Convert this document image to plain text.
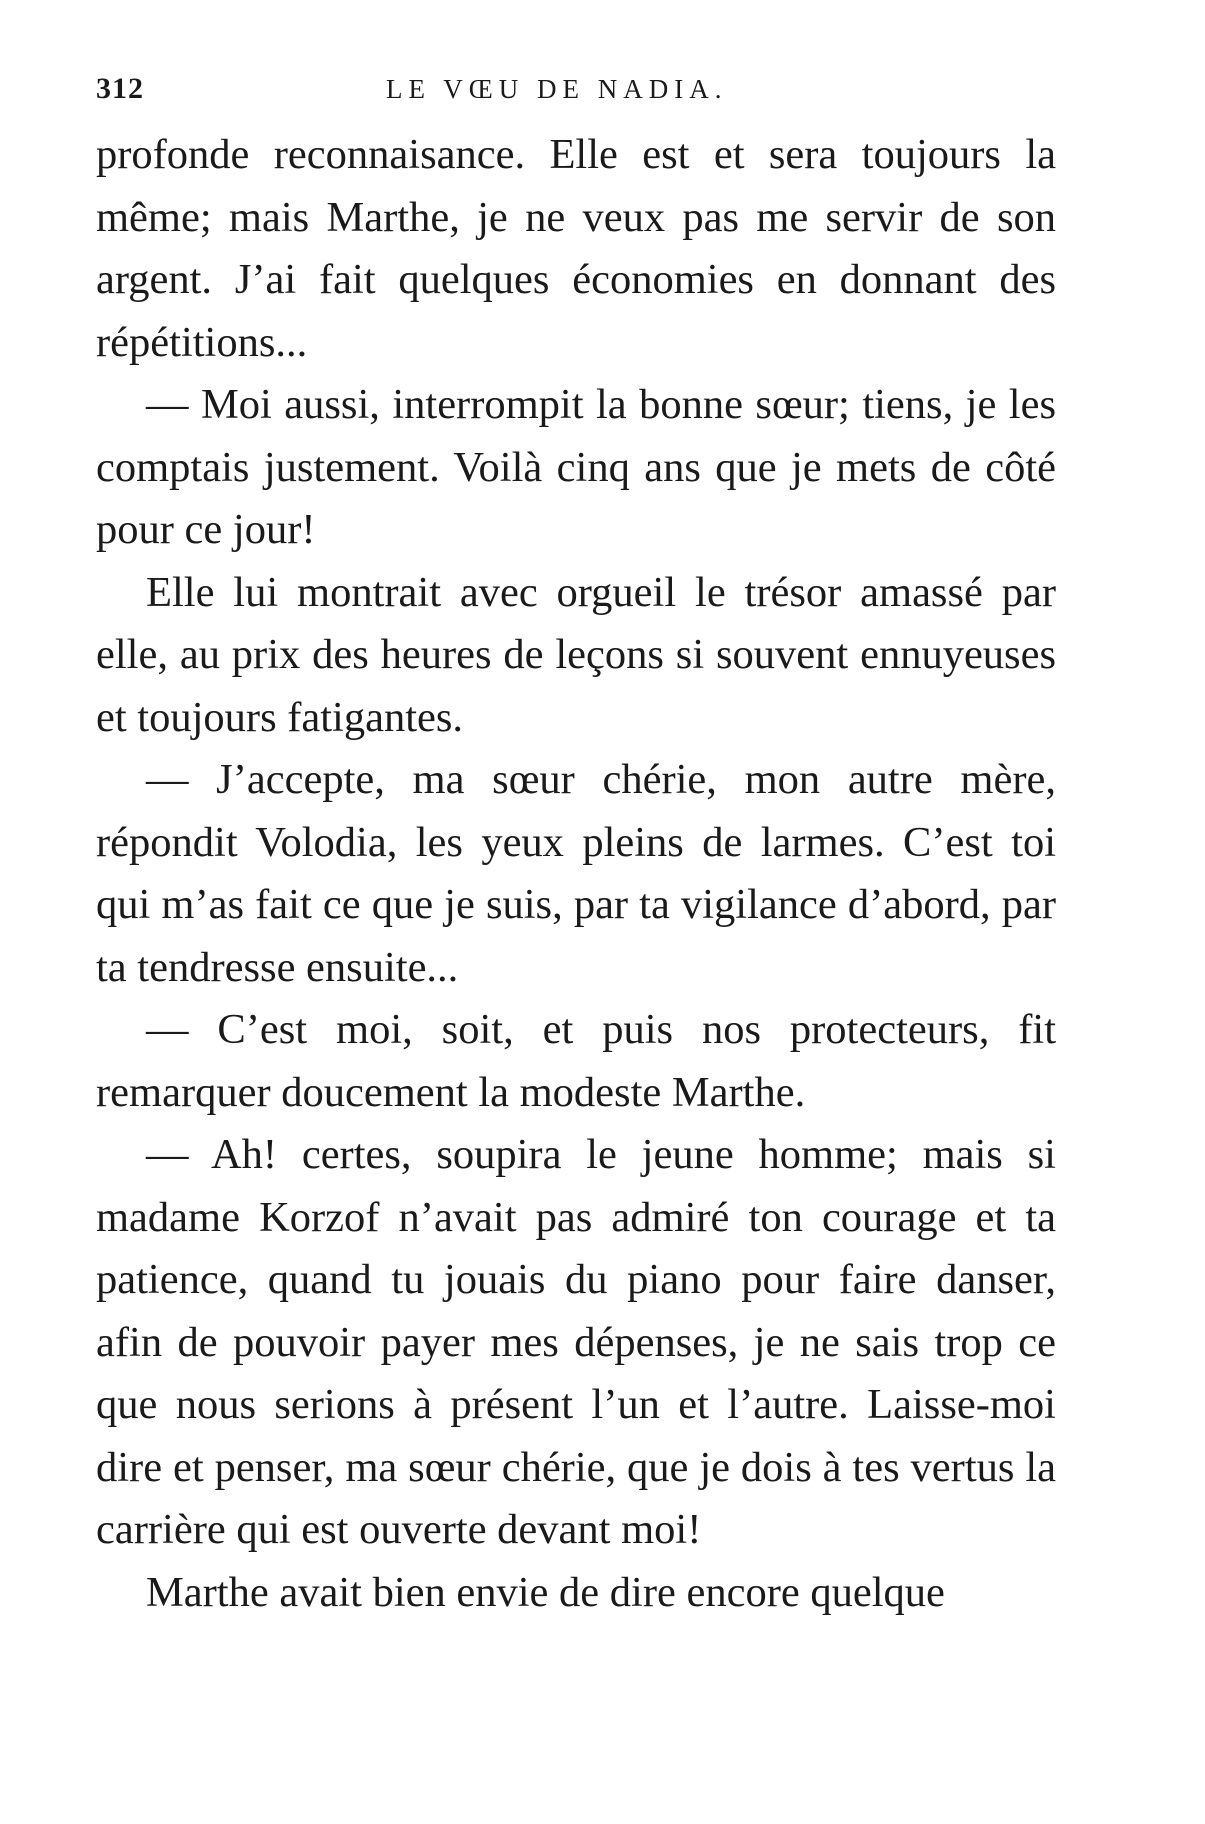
312	LE VŒU DE NADIA.

profonde reconnaisance. Elle est et sera toujours la même; mais Marthe, je ne veux pas me servir de son argent. J’ai fait quelques économies en donnant des répétitions...

— Moi aussi, interrompit la bonne sœur; tiens, je les comptais justement. Voilà cinq ans que je mets de côté pour ce jour!

Elle lui montrait avec orgueil le trésor amassé par elle, au prix des heures de leçons si souvent ennuyeuses et toujours fatigantes.

— J’accepte, ma sœur chérie, mon autre mère, répondit Volodia, les yeux pleins de larmes. C’est toi qui m’as fait ce que je suis, par ta vigilance d’abord, par ta tendresse ensuite...

— C’est moi, soit, et puis nos protecteurs, fit remarquer doucement la modeste Marthe.

— Ah! certes, soupira le jeune homme; mais si madame Korzof n’avait pas admiré ton courage et ta patience, quand tu jouais du piano pour faire danser, afin de pouvoir payer mes dépenses, je ne sais trop ce que nous serions à présent l’un et l’autre. Laisse-moi dire et penser, ma sœur chérie, que je dois à tes vertus la carrière qui est ouverte devant moi!

Marthe avait bien envie de dire encore quelque
